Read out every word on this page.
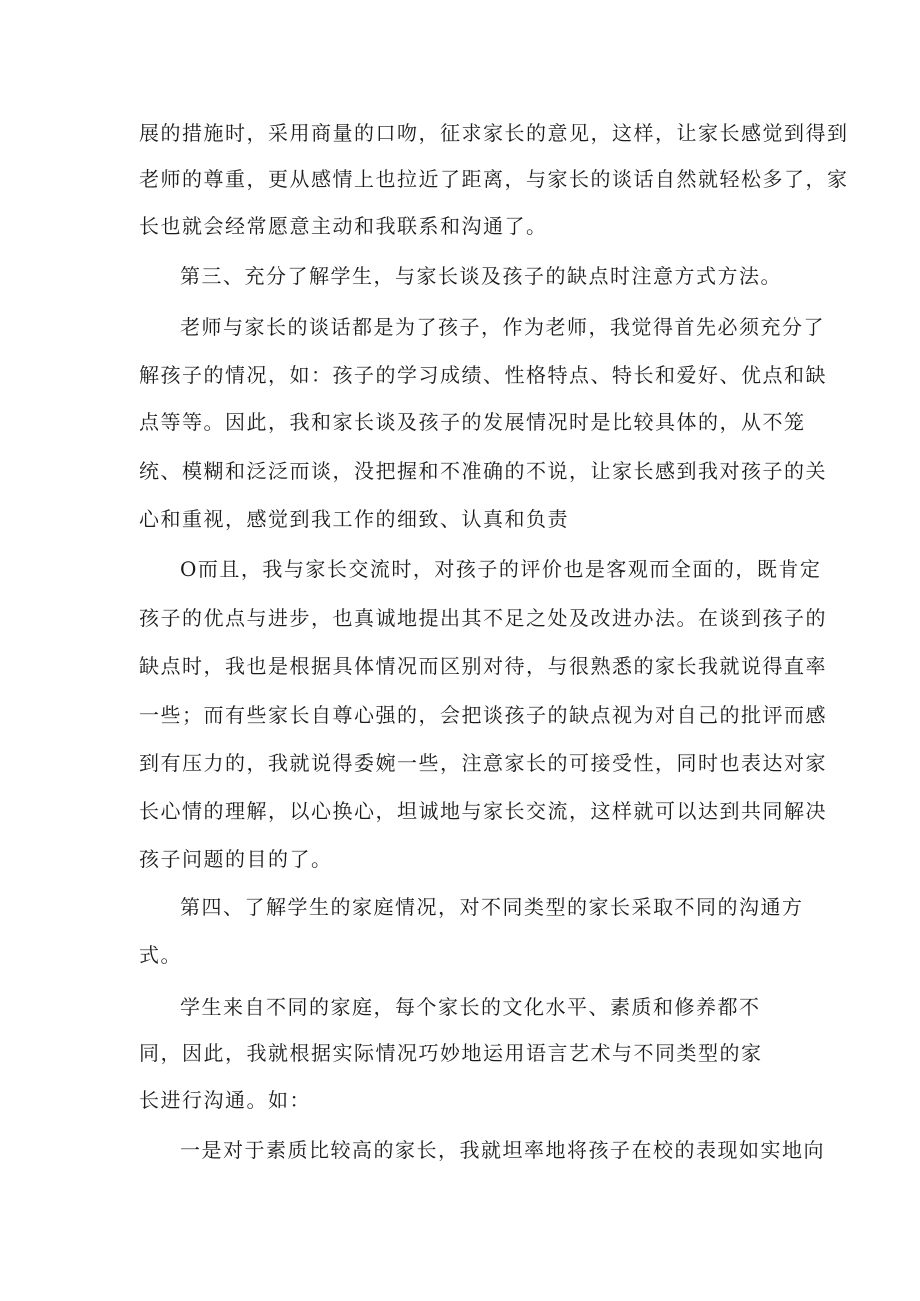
展的措施时，采用商量的口吻，征求家长的意见，这样，让家长感觉到得到
老师的尊重，更从感情上也拉近了距离，与家长的谈话自然就轻松多了，家
长也就会经常愿意主动和我联系和沟通了。
第三、充分了解学生，与家长谈及孩子的缺点时注意方式方法。
老师与家长的谈话都是为了孩子，作为老师，我觉得首先必须充分了
解孩子的情况，如：孩子的学习成绩、性格特点、特长和爱好、优点和缺
点等等。因此，我和家长谈及孩子的发展情况时是比较具体的，从不笼
统、模糊和泛泛而谈，没把握和不准确的不说，让家长感到我对孩子的关
心和重视，感觉到我工作的细致、认真和负责
O而且，我与家长交流时，对孩子的评价也是客观而全面的，既肯定
孩子的优点与进步，也真诚地提出其不足之处及改进办法。在谈到孩子的
缺点时，我也是根据具体情况而区别对待，与很熟悉的家长我就说得直率
一些；而有些家长自尊心强的，会把谈孩子的缺点视为对自己的批评而感
到有压力的，我就说得委婉一些，注意家长的可接受性，同时也表达对家
长心情的理解，以心换心，坦诚地与家长交流，这样就可以达到共同解决
孩子问题的目的了。
第四、了解学生的家庭情况，对不同类型的家长采取不同的沟通方
式。
学生来自不同的家庭，每个家长的文化水平、素质和修养都不
同，因此，我就根据实际情况巧妙地运用语言艺术与不同类型的家
长进行沟通。如：
一是对于素质比较高的家长，我就坦率地将孩子在校的表现如实地向
